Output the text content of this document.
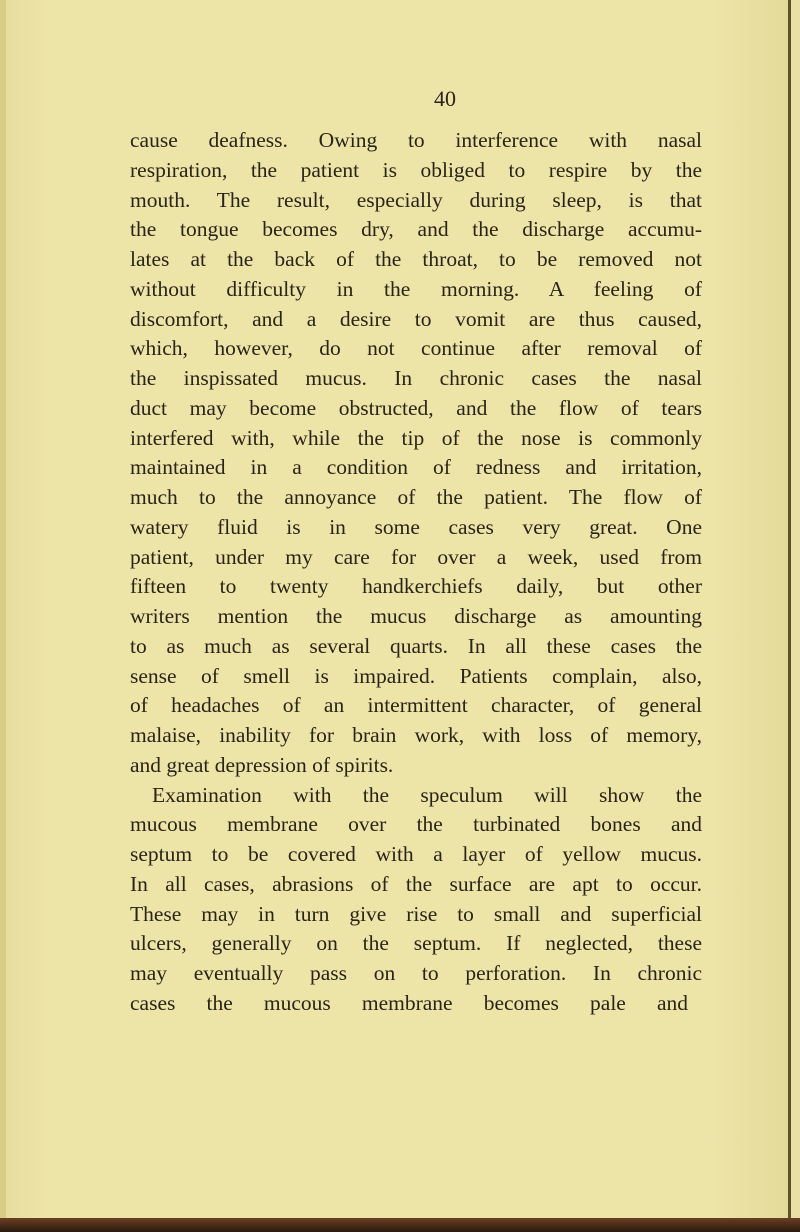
40
cause deafness. Owing to interference with nasal
respiration, the patient is obliged to respire by the
mouth. The result, especially during sleep, is that
the tongue becomes dry, and the discharge accumu-
lates at the back of the throat, to be removed not
without difficulty in the morning. A feeling of
discomfort, and a desire to vomit are thus caused,
which, however, do not continue after removal of
the inspissated mucus. In chronic cases the nasal
duct may become obstructed, and the flow of tears
interfered with, while the tip of the nose is commonly
maintained in a condition of redness and irritation,
much to the annoyance of the patient. The flow of
watery fluid is in some cases very great. One
patient, under my care for over a week, used from
fifteen to twenty handkerchiefs daily, but other
writers mention the mucus discharge as amounting
to as much as several quarts. In all these cases the
sense of smell is impaired. Patients complain, also,
of headaches of an intermittent character, of general
malaise, inability for brain work, with loss of memory,
and great depression of spirits.
Examination with the speculum will show the
mucous membrane over the turbinated bones and
septum to be covered with a layer of yellow mucus.
In all cases, abrasions of the surface are apt to occur.
These may in turn give rise to small and superficial
ulcers, generally on the septum. If neglected, these
may eventually pass on to perforation. In chronic
cases the mucous membrane becomes pale and
